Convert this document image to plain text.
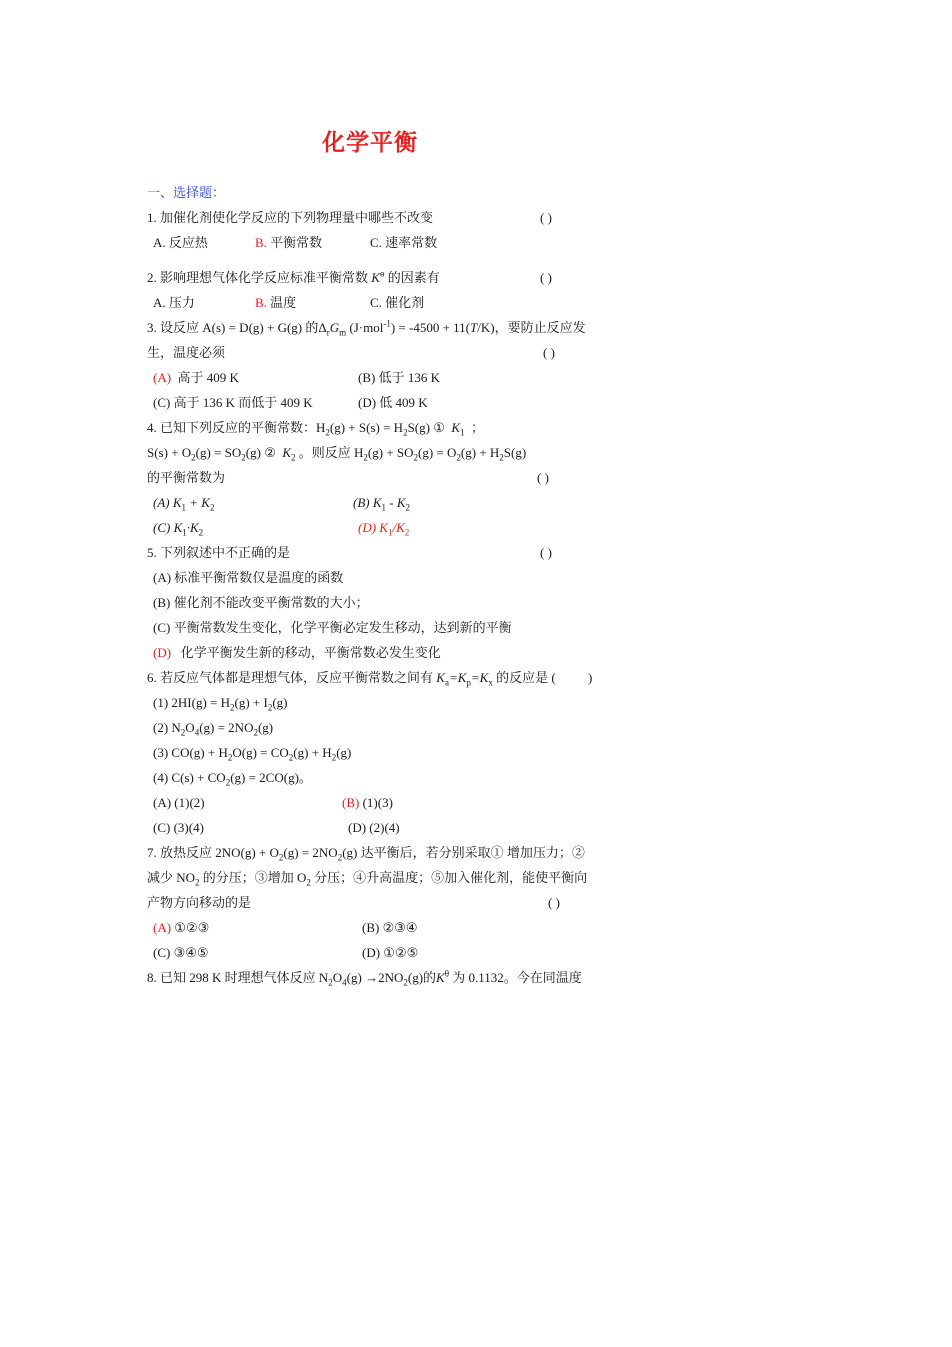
化学平衡
一、选择题：
1. 加催化剂使化学反应的下列物理量中哪些不改变	( )
A. 反应热	B. 平衡常数	C. 速率常数
2. 影响理想气体化学反应标准平衡常数 $K^ө$ 的因素有	( )
A. 压力	B. 温度	C. 催化剂
3. 设反应 A(s) = D(g) + G(g) 的$\Delta_rG_m$ (J·mol$^{-1}$) = -4500 + 11(T/K)，要防止反应发
生，温度必须	( )
(A) 高于 409 K	(B) 低于 136 K
(C) 高于 136 K 而低于 409 K	(D) 低 409 K
4. 已知下列反应的平衡常数：$H_2(g) + S(s) = H_2S(g)$ ① $K_1$ ；
$S(s) + O_2(g) = SO_2(g)$ ② $K_2$ 。则反应 $H_2(g) + SO_2(g) = O_2(g) + H_2S(g)$
的平衡常数为	( )
(A) $K_1 + K_2$	(B) $K_1 - K_2$
(C) $K_1\cdot K_2$	(D) $K_1/K_2$
5. 下列叙述中不正确的是	( )
(A) 标准平衡常数仅是温度的函数
(B) 催化剂不能改变平衡常数的大小；
(C) 平衡常数发生变化，化学平衡必定发生移动，达到新的平衡
(D) 化学平衡发生新的移动，平衡常数必发生变化
6. 若反应气体都是理想气体，反应平衡常数之间有 $K_a=K_p=K_x$ 的反应是 ( )
(1) $2HI(g) = H_2(g) + I_2(g)$
(2) $N_2O_4(g) = 2NO_2(g)$
(3) $CO(g) + H_2O(g) = CO_2(g) + H_2(g)$
(4) $C(s) + CO_2(g) = 2CO(g)$。
(A) (1)(2)	(B) (1)(3)
(C) (3)(4)	(D) (2)(4)
7. 放热反应 $2NO(g) + O_2(g) = 2NO_2(g)$ 达平衡后，若分别采取① 增加压力；②
减少 $NO_2$ 的分压；③增加 $O_2$ 分压；④升高温度；⑤加入催化剂，能使平衡向
产物方向移动的是	( )
(A) ①②③	(B) ②③④
(C) ③④⑤	(D) ①②⑤
8. 已知 298 K 时理想气体反应 $N_2O_4(g) \to 2NO_2(g)$的$K^\theta$ 为 0.1132。今在同温度
